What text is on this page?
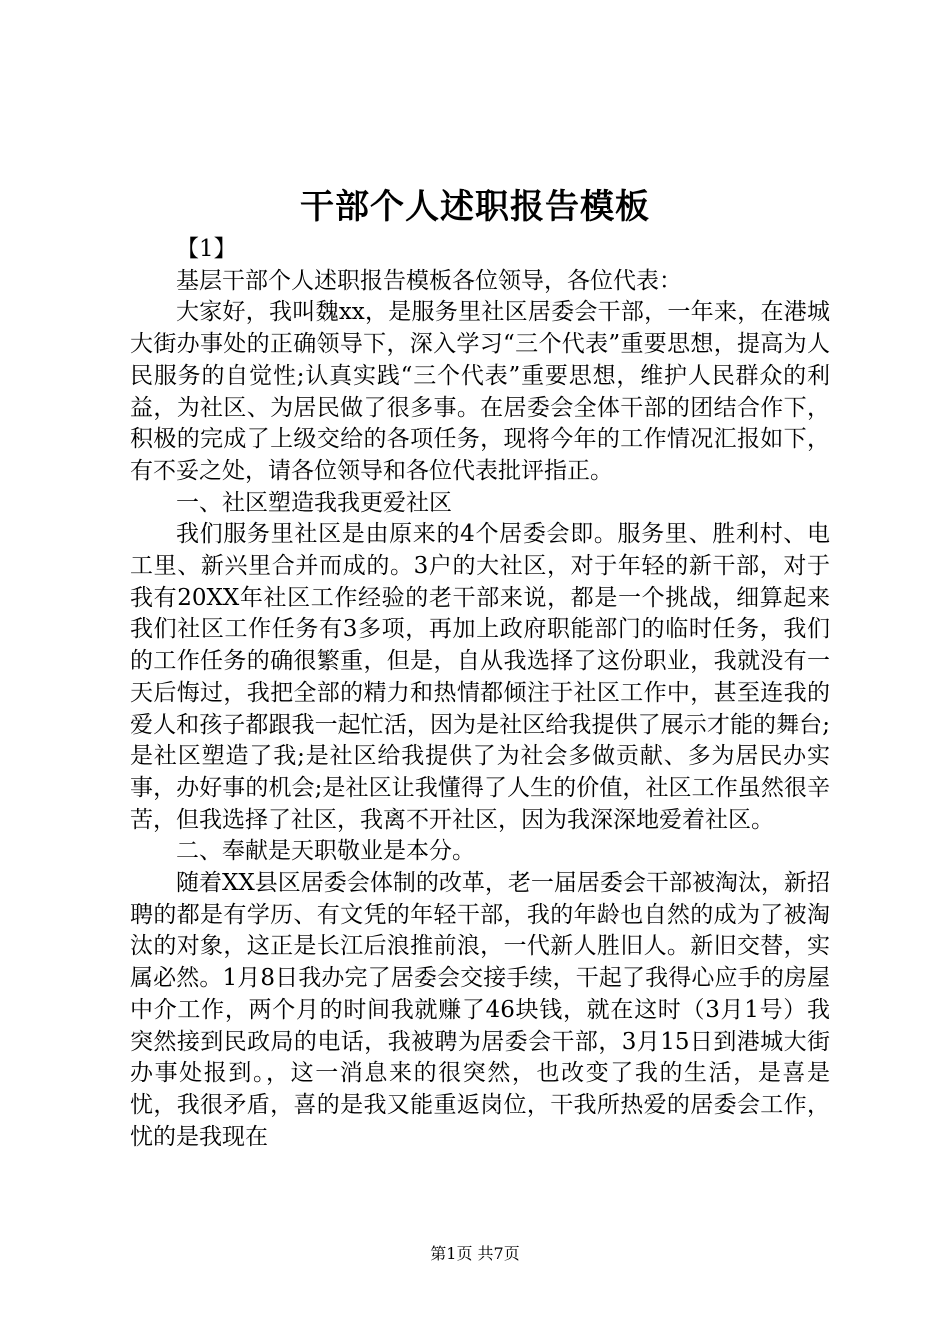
干部个人述职报告模板

【1】

基层干部个人述职报告模板各位领导，各位代表：

大家好，我叫魏xx，是服务里社区居委会干部，一年来，在港城大街办事处的正确领导下，深入学习“三个代表”重要思想，提高为人民服务的自觉性;认真实践“三个代表”重要思想，维护人民群众的利益，为社区、为居民做了很多事。在居委会全体干部的团结合作下，积极的完成了上级交给的各项任务，现将今年的工作情况汇报如下，有不妥之处，请各位领导和各位代表批评指正。

一、社区塑造我我更爱社区

我们服务里社区是由原来的4个居委会即。服务里、胜利村、电工里、新兴里合并而成的。3户的大社区，对于年轻的新干部，对于我有20XX年社区工作经验的老干部来说，都是一个挑战，细算起来我们社区工作任务有3多项，再加上政府职能部门的临时任务，我们的工作任务的确很繁重，但是，自从我选择了这份职业，我就没有一天后悔过，我把全部的精力和热情都倾注于社区工作中，甚至连我的爱人和孩子都跟我一起忙活，因为是社区给我提供了展示才能的舞台;是社区塑造了我;是社区给我提供了为社会多做贡献、多为居民办实事，办好事的机会;是社区让我懂得了人生的价值，社区工作虽然很辛苦，但我选择了社区，我离不开社区，因为我深深地爱着社区。

二、奉献是天职敬业是本分。

随着XX县区居委会体制的改革，老一届居委会干部被淘汰，新招聘的都是有学历、有文凭的年轻干部，我的年龄也自然的成为了被淘汰的对象，这正是长江后浪推前浪，一代新人胜旧人。新旧交替，实属必然。1月8日我办完了居委会交接手续，干起了我得心应手的房屋中介工作，两个月的时间我就赚了46块钱，就在这时（3月1号）我突然接到民政局的电话，我被聘为居委会干部，3月15日到港城大街办事处报到。，这一消息来的很突然，也改变了我的生活，是喜是忧，我很矛盾，喜的是我又能重返岗位，干我所热爱的居委会工作，忧的是我现在

第1页 共7页
